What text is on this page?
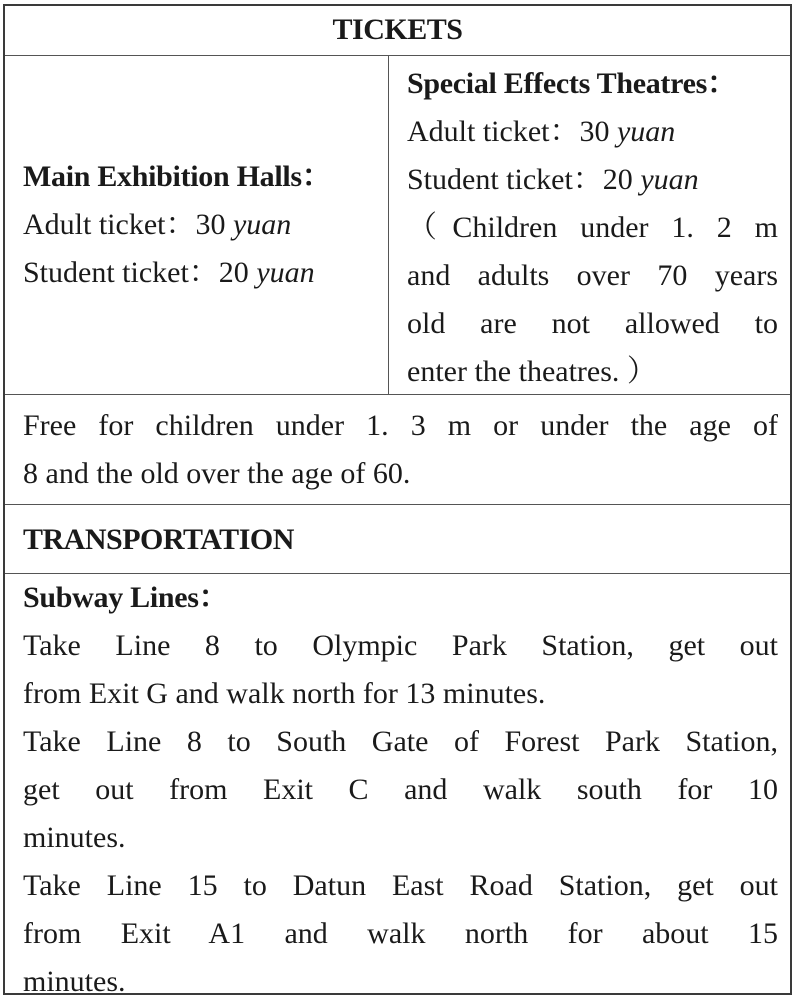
TICKETS
Main Exhibition Halls：
Adult ticket：30 yuan
Student ticket：20 yuan
Special Effects Theatres：
Adult ticket：30 yuan
Student ticket：20 yuan
（Children under 1. 2 m
and adults over 70 years
old are not allowed to
enter the theatres. ）
Free for children under 1. 3 m or under the age of
8 and the old over the age of 60.
TRANSPORTATION
Subway Lines：
Take Line 8 to Olympic Park Station, get out
from Exit G and walk north for 13 minutes.
Take Line 8 to South Gate of Forest Park Station,
get out from Exit C and walk south for 10
minutes.
Take Line 15 to Datun East Road Station, get out
from Exit A1 and walk north for about 15
minutes.
